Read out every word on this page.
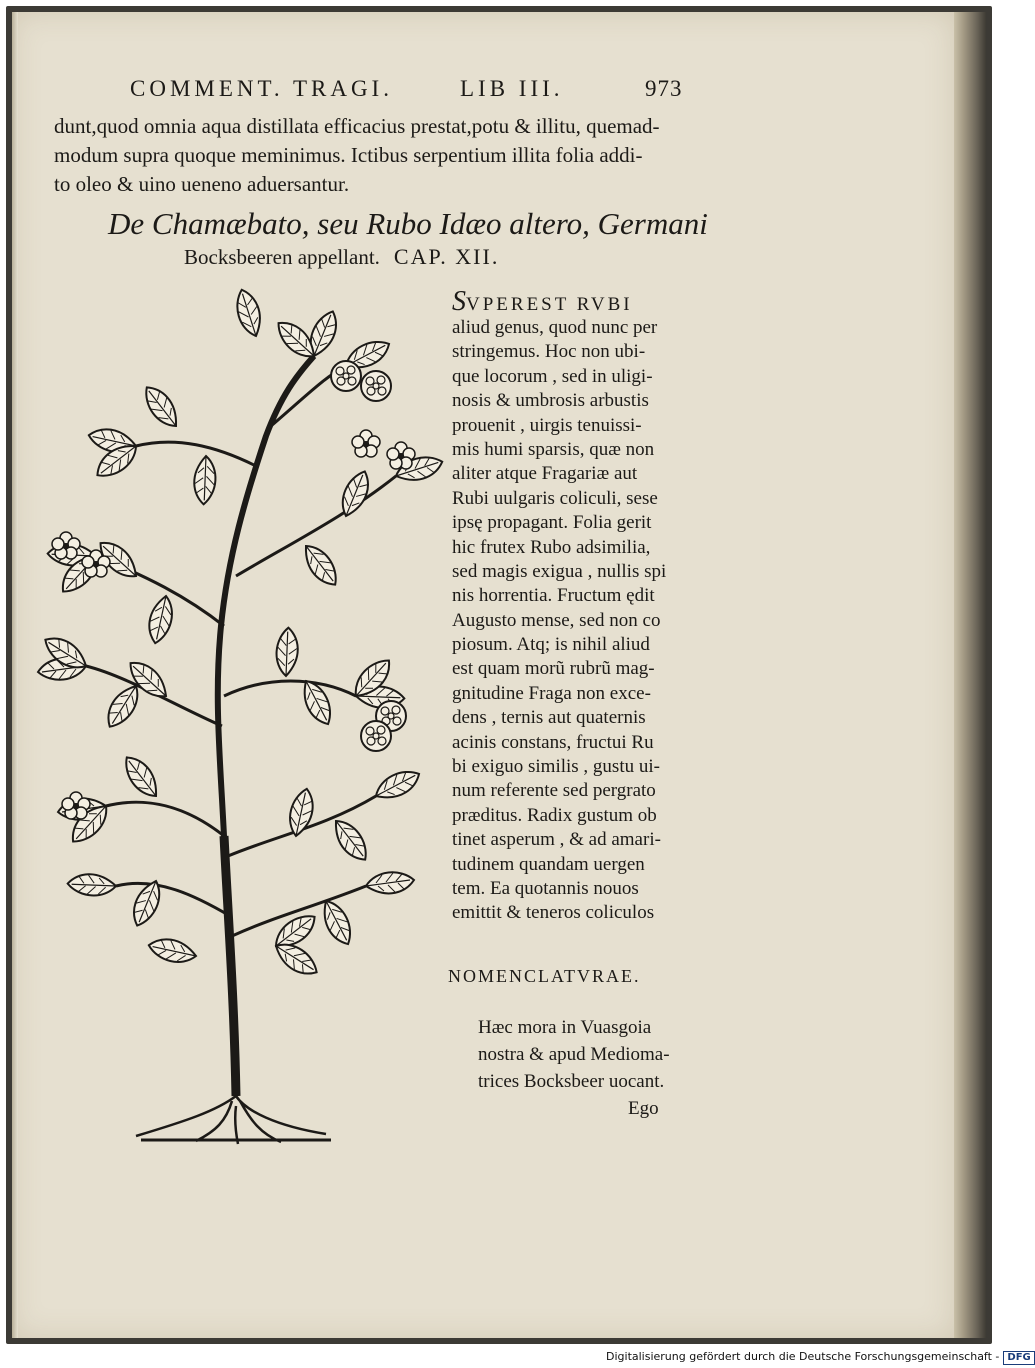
COMMENT. TRAGI.	LIB III.	973
dunt,quod omnia aqua distillata efficacius prestat,potu & illitu, quemad-
modum supra quoque meminimus. Ictibus serpentium illita folia addi-
to oleo & uino ueneno aduersantur.
De Chamæbato, seu Rubo Idæo altero, Germani
Bocksbeeren appellant. CAP. XII.
SVPEREST RVBI
aliud genus, quod nunc per
stringemus. Hoc non ubi-
que locorum , sed in uligi-
nosis & umbrosis arbustis
prouenit , uirgis tenuissi-
mis humi sparsis, quæ non
aliter atque Fragariæ aut
Rubi uulgaris coliculi, sese
ipsę propagant. Folia gerit
hic frutex Rubo adsimilia,
sed magis exigua , nullis spi
nis horrentia. Fructum ędit
Augusto mense, sed non co
piosum. Atq; is nihil aliud
est quam morũ rubrũ mag-
gnitudine Fraga non exce-
dens , ternis aut quaternis
acinis constans, fructui Ru
bi exiguo similis , gustu ui-
num referente sed pergrato
præditus. Radix gustum ob
tinet asperum , & ad amari-
tudinem quandam uergen
tem. Ea quotannis nouos
emittit & teneros coliculos
NOMENCLATVRAE.
Hæc mora in Vuasgoia
nostra & apud Medioma-
trices Bocksbeer uocant.
Ego
Digitalisierung gefördert durch die Deutsche Forschungsgemeinschaft - DFG
